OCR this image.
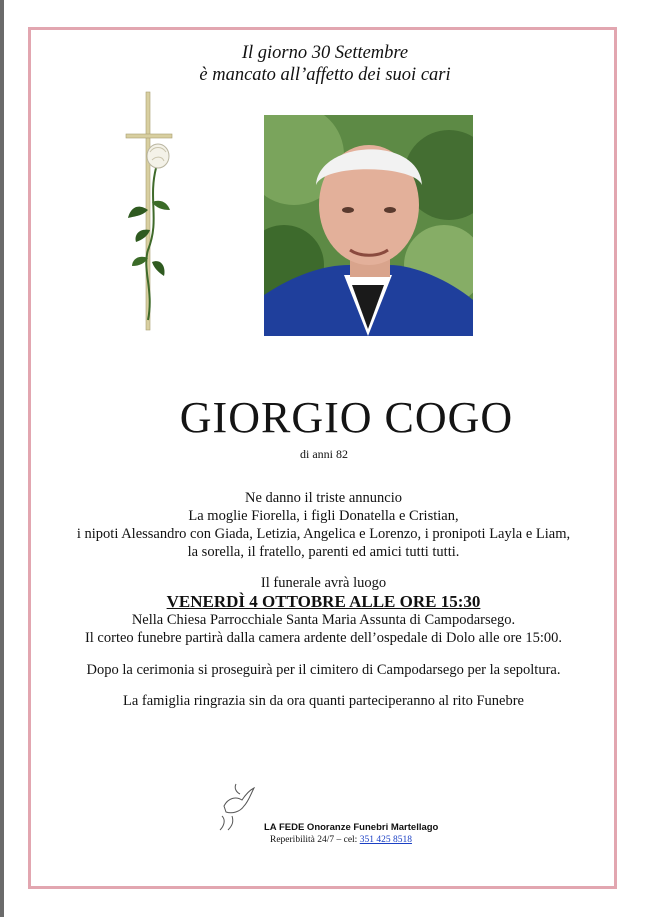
Il giorno 30 Settembre
è mancato all’affetto dei suoi cari
GIORGIO COGO
di anni 82
Ne danno il triste annuncio
La moglie Fiorella, i figli Donatella e Cristian,
i nipoti Alessandro con Giada, Letizia, Angelica e Lorenzo, i pronipoti Layla e Liam,
la sorella, il fratello, parenti ed amici tutti tutti.
Il funerale avrà luogo
VENERDÌ 4 OTTOBRE ALLE ORE 15:30
Nella Chiesa Parrocchiale Santa Maria Assunta di Campodarsego.
Il corteo funebre partirà dalla camera ardente dell’ospedale di Dolo alle ore 15:00.
Dopo la cerimonia si proseguirà per il cimitero di Campodarsego per la sepoltura.
La famiglia ringrazia sin da ora quanti parteciperanno al rito Funebre
LA FEDE Onoranze Funebri Martellago
Reperibilità 24/7 – cel: 351 425 8518
